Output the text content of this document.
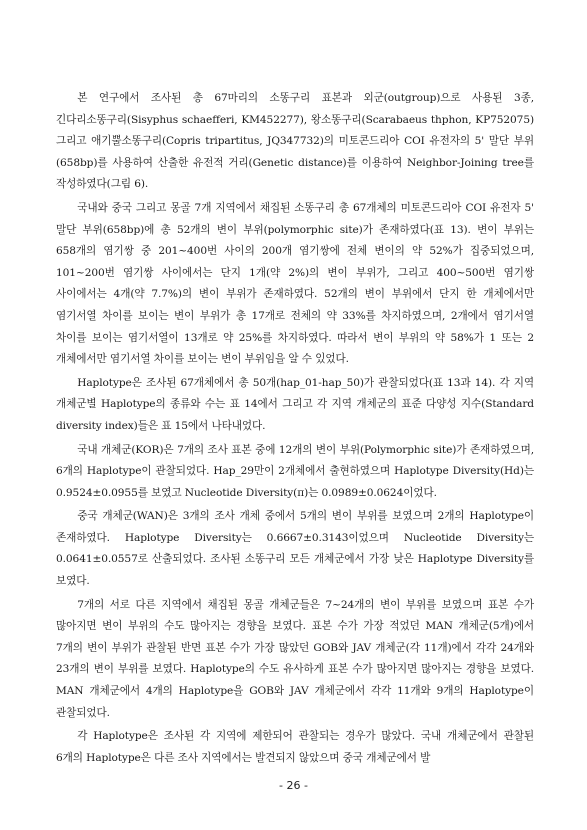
본 연구에서 조사된 총 67마리의 소똥구리 표본과 외군(outgroup)으로 사용된 3종, 긴다리소똥구리(Sisyphus schaefferi, KM452277), 왕소똥구리(Scarabaeus thphon, KP752075) 그리고 애기뿔소똥구리(Copris tripartitus, JQ347732)의 미토콘드리아 COI 유전자의 5' 말단 부위(658bp)를 사용하여 산출한 유전적 거리(Genetic distance)를 이용하여 Neighbor-Joining tree를 작성하였다(그림 6).

국내와 중국 그리고 몽골 7개 지역에서 채집된 소똥구리 총 67개체의 미토콘드리아 COI 유전자 5' 말단 부위(658bp)에 총 52개의 변이 부위(polymorphic site)가 존재하였다(표 13). 변이 부위는 658개의 염기쌍 중 201~400번 사이의 200개 염기쌍에 전체 변이의 약 52%가 집중되었으며, 101~200번 염기쌍 사이에서는 단지 1개(약 2%)의 변이 부위가, 그리고 400~500번 염기쌍 사이에서는 4개(약 7.7%)의 변이 부위가 존재하였다. 52개의 변이 부위에서 단지 한 개체에서만 염기서열 차이를 보이는 변이 부위가 총 17개로 전체의 약 33%를 차지하였으며, 2개에서 염기서열 차이를 보이는 염기서열이 13개로 약 25%를 차지하였다. 따라서 변이 부위의 약 58%가 1 또는 2 개체에서만 염기서열 차이를 보이는 변이 부위임을 알 수 있었다.

Haplotype은 조사된 67개체에서 총 50개(hap_01-hap_50)가 관찰되었다(표 13과 14). 각 지역 개체군별 Haplotype의 종류와 수는 표 14에서 그리고 각 지역 개체군의 표준 다양성 지수(Standard diversity index)들은 표 15에서 나타내었다.

국내 개체군(KOR)은 7개의 조사 표본 중에 12개의 변이 부위(Polymorphic site)가 존재하였으며, 6개의 Haplotype이 관찰되었다. Hap_29만이 2개체에서 출현하였으며 Haplotype Diversity(Hd)는 0.9524±0.0955를 보였고 Nucleotide Diversity(π)는 0.0989±0.0624이었다.

중국 개체군(WAN)은 3개의 조사 개체 중에서 5개의 변이 부위를 보였으며 2개의 Haplotype이 존재하였다. Haplotype Diversity는 0.6667±0.3143이었으며 Nucleotide Diversity는 0.0641±0.0557로 산출되었다. 조사된 소똥구리 모든 개체군에서 가장 낮은 Haplotype Diversity를 보였다.

7개의 서로 다른 지역에서 채집된 몽골 개체군들은 7~24개의 변이 부위를 보였으며 표본 수가 많아지면 변이 부위의 수도 많아지는 경향을 보였다. 표본 수가 가장 적었던 MAN 개체군(5개)에서 7개의 변이 부위가 관찰된 반면 표본 수가 가장 많았던 GOB와 JAV 개체군(각 11개)에서 각각 24개와 23개의 변이 부위를 보였다. Haplotype의 수도 유사하게 표본 수가 많아지면 많아지는 경향을 보였다. MAN 개체군에서 4개의 Haplotype을 GOB와 JAV 개체군에서 각각 11개와 9개의 Haplotype이 관찰되었다.

각 Haplotype은 조사된 각 지역에 제한되어 관찰되는 경우가 많았다. 국내 개체군에서 관찰된 6개의 Haplotype은 다른 조사 지역에서는 발견되지 않았으며 중국 개체군에서 발

- 26 -
